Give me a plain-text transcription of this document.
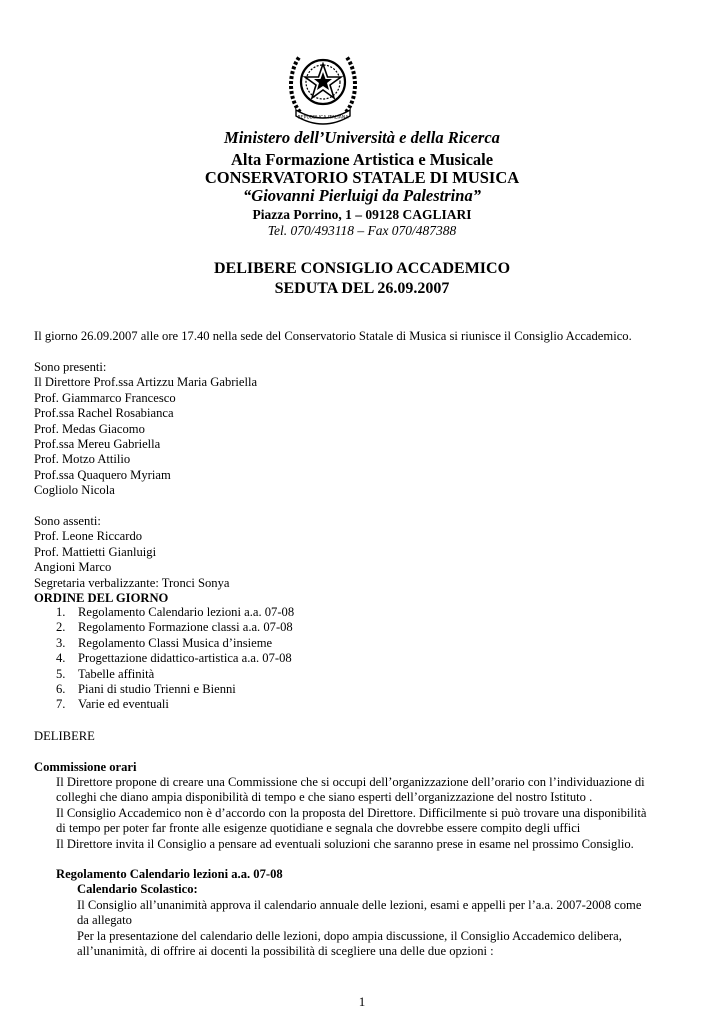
REPUBBLICA ITALIANA
Ministero dell’Università e della Ricerca
Alta Formazione Artistica e Musicale
CONSERVATORIO STATALE DI MUSICA
“Giovanni Pierluigi da Palestrina”
Piazza Porrino, 1 – 09128 CAGLIARI
Tel. 070/493118 – Fax 070/487388
DELIBERE CONSIGLIO ACCADEMICO
SEDUTA DEL 26.09.2007
Il giorno 26.09.2007 alle ore 17.40 nella sede del Conservatorio Statale di Musica si riunisce il Consiglio Accademico.
Sono presenti:
Il Direttore Prof.ssa Artizzu Maria Gabriella
Prof. Giammarco Francesco
Prof.ssa Rachel Rosabianca
Prof. Medas Giacomo
Prof.ssa Mereu Gabriella
Prof. Motzo Attilio
Prof.ssa Quaquero Myriam
Cogliolo Nicola
Sono assenti:
Prof. Leone Riccardo
Prof. Mattietti Gianluigi
Angioni Marco
Segretaria verbalizzante: Tronci Sonya
ORDINE DEL GIORNO
1. Regolamento Calendario lezioni a.a. 07-08
2. Regolamento Formazione classi a.a. 07-08
3. Regolamento Classi Musica d’insieme
4. Progettazione didattico-artistica a.a. 07-08
5. Tabelle affinità
6. Piani di studio Trienni e Bienni
7. Varie ed eventuali
DELIBERE
Commissione orari
Il Direttore propone di creare una Commissione che si occupi dell’organizzazione dell’orario con l’individuazione di
colleghi che diano ampia disponibilità di tempo e che siano esperti dell’organizzazione del nostro Istituto .
Il Consiglio Accademico non è d’accordo con la proposta del Direttore. Difficilmente si può trovare una disponibilità
di tempo per poter far fronte alle esigenze quotidiane e segnala che dovrebbe essere compito degli uffici
Il Direttore invita il Consiglio a pensare ad eventuali soluzioni che saranno prese in esame nel prossimo Consiglio.
Regolamento Calendario lezioni a.a. 07-08
Calendario Scolastico:
Il Consiglio all’unanimità approva il calendario annuale delle lezioni, esami e appelli per l’a.a. 2007-2008 come
da allegato
Per la presentazione del calendario delle lezioni, dopo ampia discussione, il Consiglio Accademico delibera,
all’unanimità, di offrire ai docenti la possibilità di scegliere una delle due opzioni :
1
